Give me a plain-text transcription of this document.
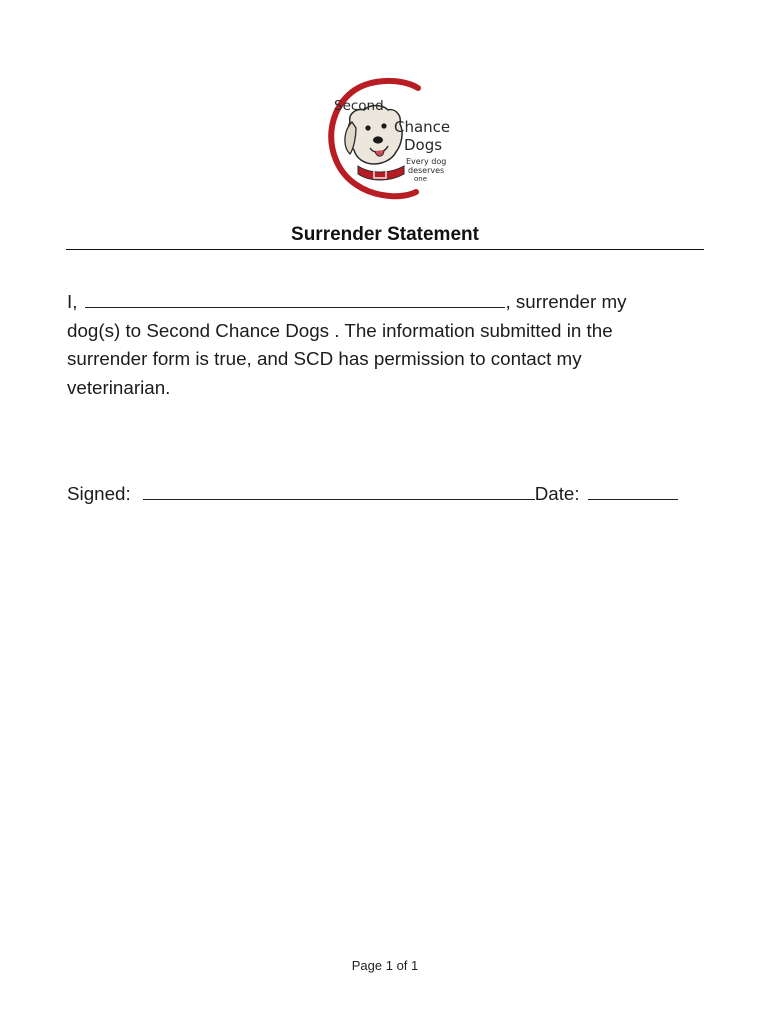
Second
Chance
Dogs
Every dog
deserves
one
Surrender Statement
I,	, surrender my
dog(s) to Second Chance Dogs . The information submitted in the
surrender form is true, and SCD has permission to contact my
veterinarian.
Signed:	Date:
Page 1 of 1
